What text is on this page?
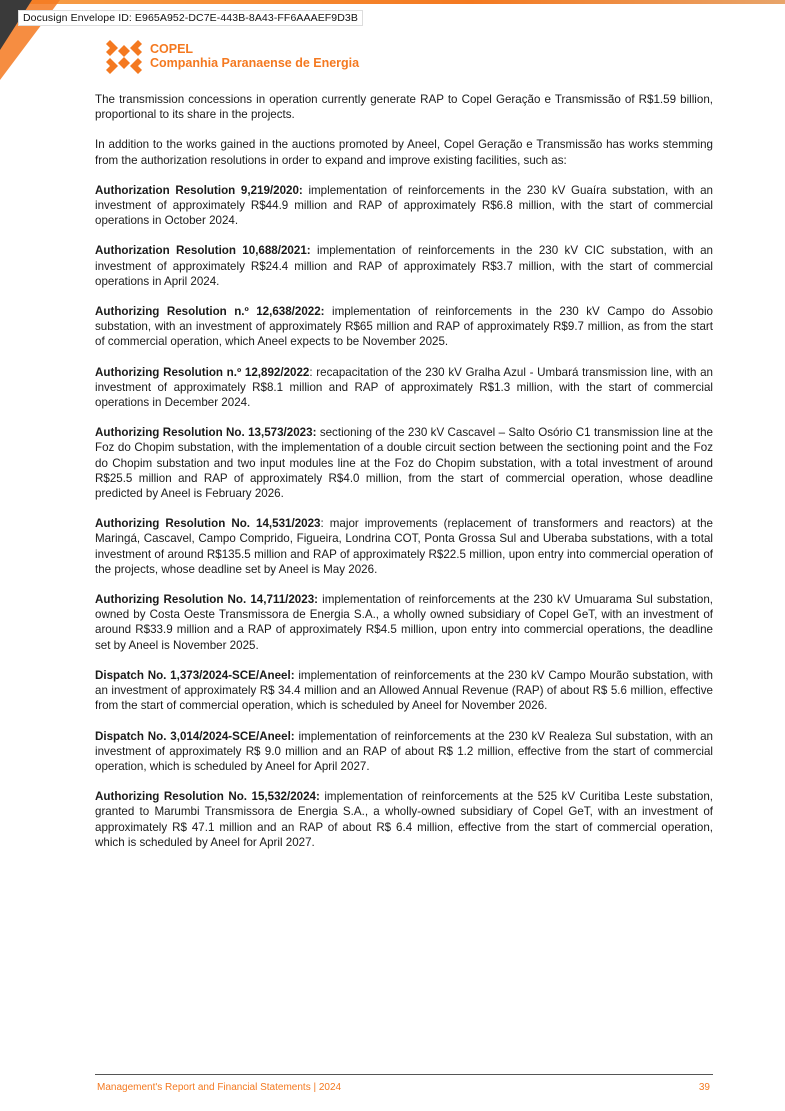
Docusign Envelope ID: E965A952-DC7E-443B-8A43-FF6AAAEF9D3B
COPEL
Companhia Paranaense de Energia

The transmission concessions in operation currently generate RAP to Copel Geração e Transmissão of R$1.59 billion, proportional to its share in the projects.

In addition to the works gained in the auctions promoted by Aneel, Copel Geração e Transmissão has works stemming from the authorization resolutions in order to expand and improve existing facilities, such as:

Authorization Resolution 9,219/2020: implementation of reinforcements in the 230 kV Guaíra substation, with an investment of approximately R$44.9 million and RAP of approximately R$6.8 million, with the start of commercial operations in October 2024.

Authorization Resolution 10,688/2021: implementation of reinforcements in the 230 kV CIC substation, with an investment of approximately R$24.4 million and RAP of approximately R$3.7 million, with the start of commercial operations in April 2024.

Authorizing Resolution n.º 12,638/2022: implementation of reinforcements in the 230 kV Campo do Assobio substation, with an investment of approximately R$65 million and RAP of approximately R$9.7 million, as from the start of commercial operation, which Aneel expects to be November 2025.

Authorizing Resolution n.º 12,892/2022: recapacitation of the 230 kV Gralha Azul - Umbará transmission line, with an investment of approximately R$8.1 million and RAP of approximately R$1.3 million, with the start of commercial operations in December 2024.

Authorizing Resolution No. 13,573/2023: sectioning of the 230 kV Cascavel – Salto Osório C1 transmission line at the Foz do Chopim substation, with the implementation of a double circuit section between the sectioning point and the Foz do Chopim substation and two input modules line at the Foz do Chopim substation, with a total investment of around R$25.5 million and RAP of approximately R$4.0 million, from the start of commercial operation, whose deadline predicted by Aneel is February 2026.

Authorizing Resolution No. 14,531/2023: major improvements (replacement of transformers and reactors) at the Maringá, Cascavel, Campo Comprido, Figueira, Londrina COT, Ponta Grossa Sul and Uberaba substations, with a total investment of around R$135.5 million and RAP of approximately R$22.5 million, upon entry into commercial operation of the projects, whose deadline set by Aneel is May 2026.

Authorizing Resolution No. 14,711/2023: implementation of reinforcements at the 230 kV Umuarama Sul substation, owned by Costa Oeste Transmissora de Energia S.A., a wholly owned subsidiary of Copel GeT, with an investment of around R$33.9 million and a RAP of approximately R$4.5 million, upon entry into commercial operations, the deadline set by Aneel is November 2025.

Dispatch No. 1,373/2024-SCE/Aneel: implementation of reinforcements at the 230 kV Campo Mourão substation, with an investment of approximately R$ 34.4 million and an Allowed Annual Revenue (RAP) of about R$ 5.6 million, effective from the start of commercial operation, which is scheduled by Aneel for November 2026.

Dispatch No. 3,014/2024-SCE/Aneel: implementation of reinforcements at the 230 kV Realeza Sul substation, with an investment of approximately R$ 9.0 million and an RAP of about R$ 1.2 million, effective from the start of commercial operation, which is scheduled by Aneel for April 2027.

Authorizing Resolution No. 15,532/2024: implementation of reinforcements at the 525 kV Curitiba Leste substation, granted to Marumbi Transmissora de Energia S.A., a wholly-owned subsidiary of Copel GeT, with an investment of approximately R$ 47.1 million and an RAP of about R$ 6.4 million, effective from the start of commercial operation, which is scheduled by Aneel for April 2027.

Management's Report and Financial Statements | 2024	39
